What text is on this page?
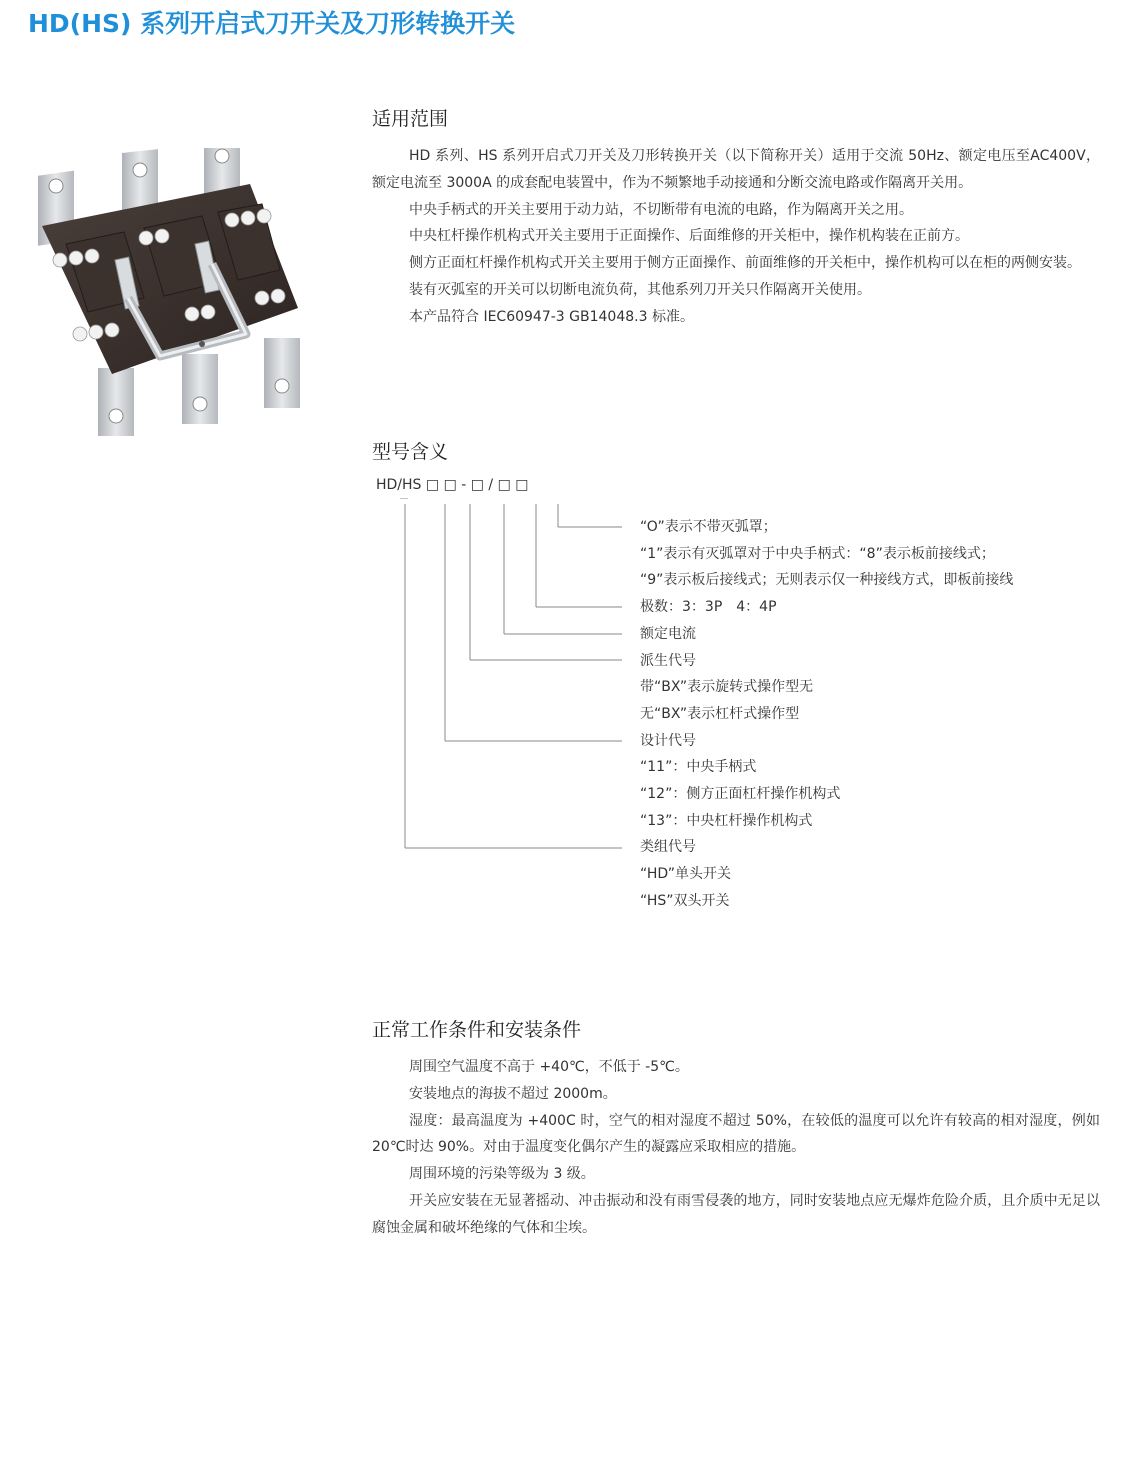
HD(HS) 系列开启式刀开关及刀形转换开关
适用范围

HD 系列、HS 系列开启式刀开关及刀形转换开关（以下简称开关）适用于交流 50Hz、额定电压至AC400V，额定电流至 3000A 的成套配电装置中，作为不频繁地手动接通和分断交流电路或作隔离开关用。

中央手柄式的开关主要用于动力站，不切断带有电流的电路，作为隔离开关之用。

中央杠杆操作机构式开关主要用于正面操作、后面维修的开关柜中，操作机构装在正前方。

侧方正面杠杆操作机构式开关主要用于侧方正面操作、前面维修的开关柜中，操作机构可以在柜的两侧安装。

装有灭弧室的开关可以切断电流负荷，其他系列刀开关只作隔离开关使用。

本产品符合 IEC60947-3 GB14048.3 标准。

型号含义
HD/HS □ □ - □ / □ □
“O”表示不带灭弧罩；
“1”表示有灭弧罩对于中央手柄式：“8”表示板前接线式；
“9”表示板后接线式；无则表示仅一种接线方式，即板前接线
极数：3：3P　4：4P
额定电流
派生代号
带“BX”表示旋转式操作型无
无“BX”表示杠杆式操作型
设计代号
“11”：中央手柄式
“12”：侧方正面杠杆操作机构式
“13”：中央杠杆操作机构式
类组代号
“HD”单头开关
“HS”双头开关
正常工作条件和安装条件

周围空气温度不高于 +40℃，不低于 -5℃。

安装地点的海拔不超过 2000m。

湿度：最高温度为 +400C 时，空气的相对湿度不超过 50%，在较低的温度可以允许有较高的相对湿度，例如 20℃时达 90%。对由于温度变化偶尔产生的凝露应采取相应的措施。

周围环境的污染等级为 3 级。

开关应安装在无显著摇动、冲击振动和没有雨雪侵袭的地方，同时安装地点应无爆炸危险介质，且介质中无足以腐蚀金属和破坏绝缘的气体和尘埃。
